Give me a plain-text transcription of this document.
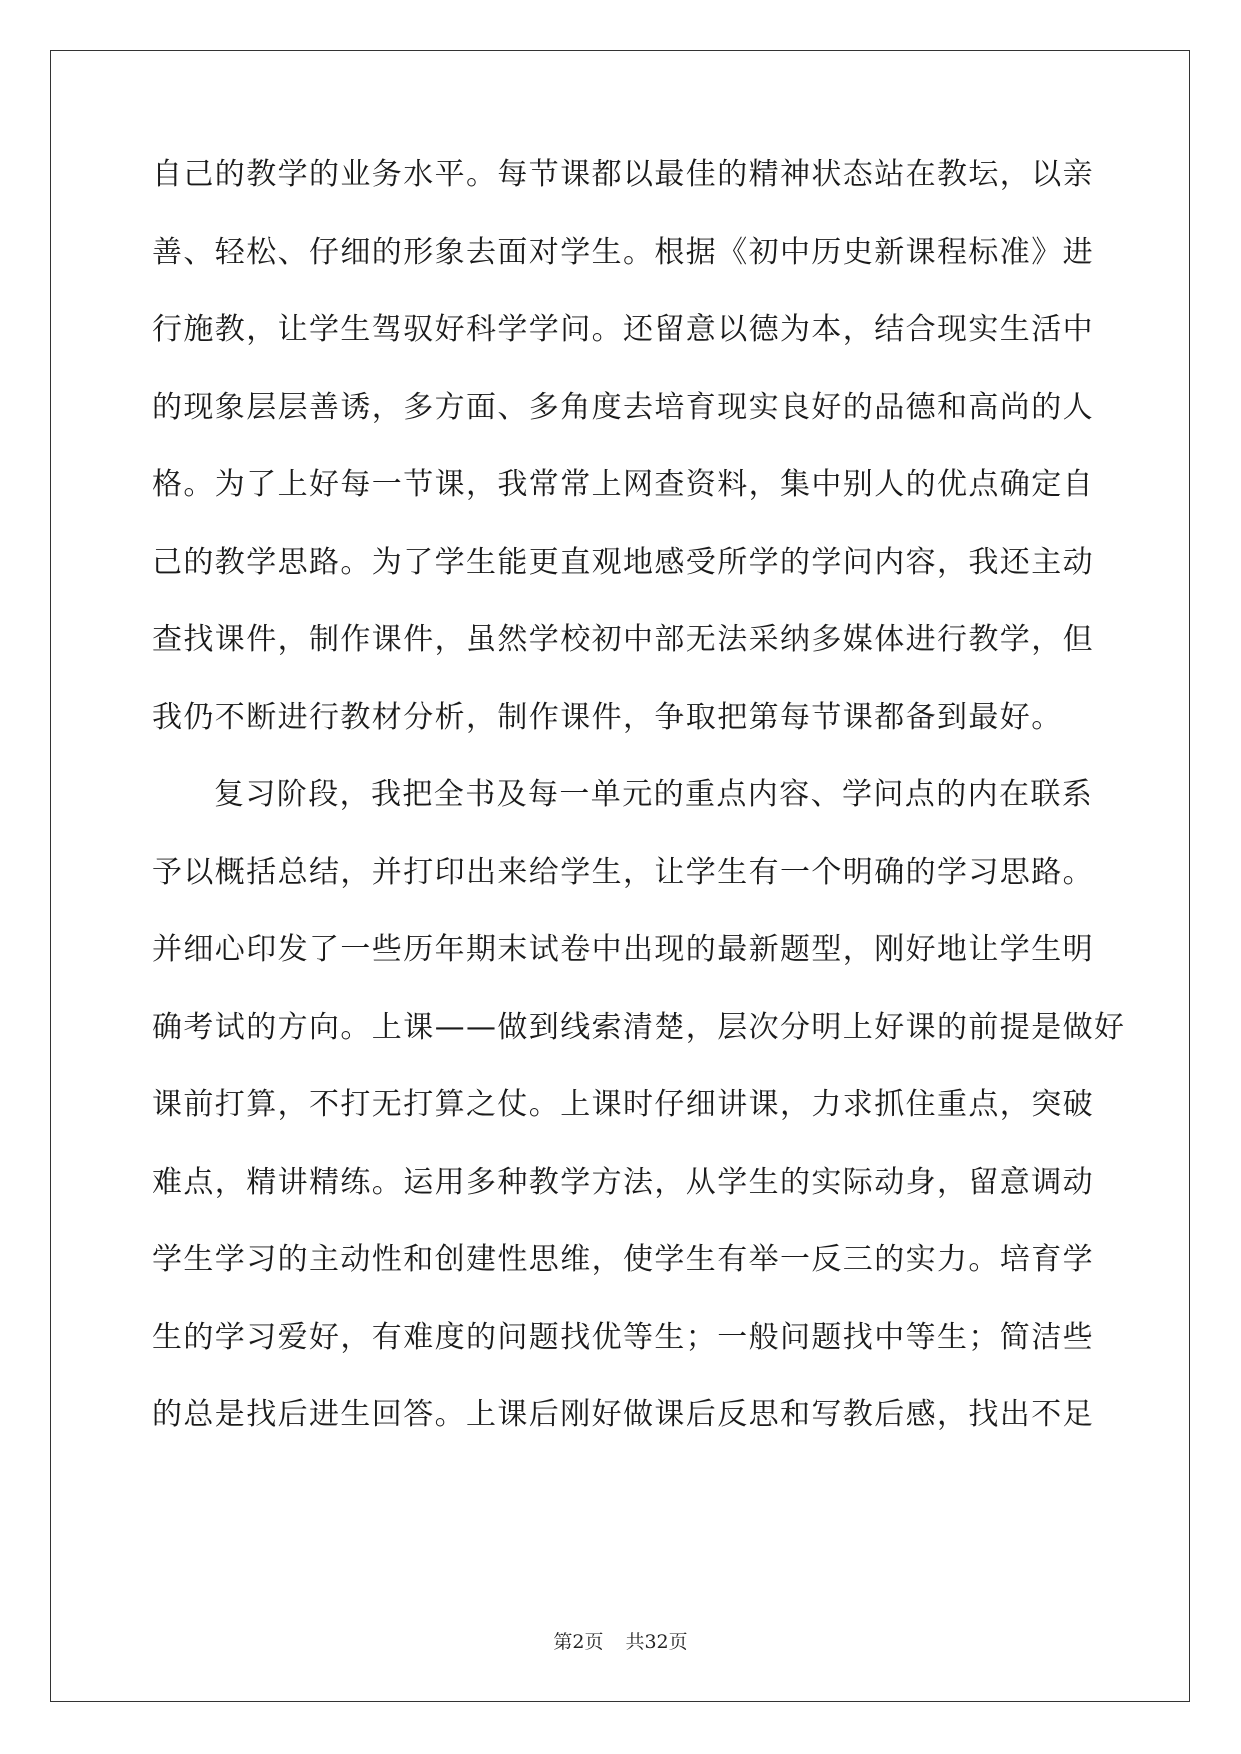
自己的教学的业务水平。每节课都以最佳的精神状态站在教坛，以亲
善、轻松、仔细的形象去面对学生。根据《初中历史新课程标准》进
行施教，让学生驾驭好科学学问。还留意以德为本，结合现实生活中
的现象层层善诱，多方面、多角度去培育现实良好的品德和高尚的人
格。为了上好每一节课，我常常上网查资料，集中别人的优点确定自
己的教学思路。为了学生能更直观地感受所学的学问内容，我还主动
查找课件，制作课件，虽然学校初中部无法采纳多媒体进行教学，但
我仍不断进行教材分析，制作课件，争取把第每节课都备到最好。
复习阶段，我把全书及每一单元的重点内容、学问点的内在联系
予以概括总结，并打印出来给学生，让学生有一个明确的学习思路。
并细心印发了一些历年期末试卷中出现的最新题型，刚好地让学生明
确考试的方向。上课——做到线索清楚，层次分明上好课的前提是做好
课前打算，不打无打算之仗。上课时仔细讲课，力求抓住重点，突破
难点，精讲精练。运用多种教学方法，从学生的实际动身，留意调动
学生学习的主动性和创建性思维，使学生有举一反三的实力。培育学
生的学习爱好，有难度的问题找优等生；一般问题找中等生；简洁些
的总是找后进生回答。上课后刚好做课后反思和写教后感，找出不足
第2页 共32页
